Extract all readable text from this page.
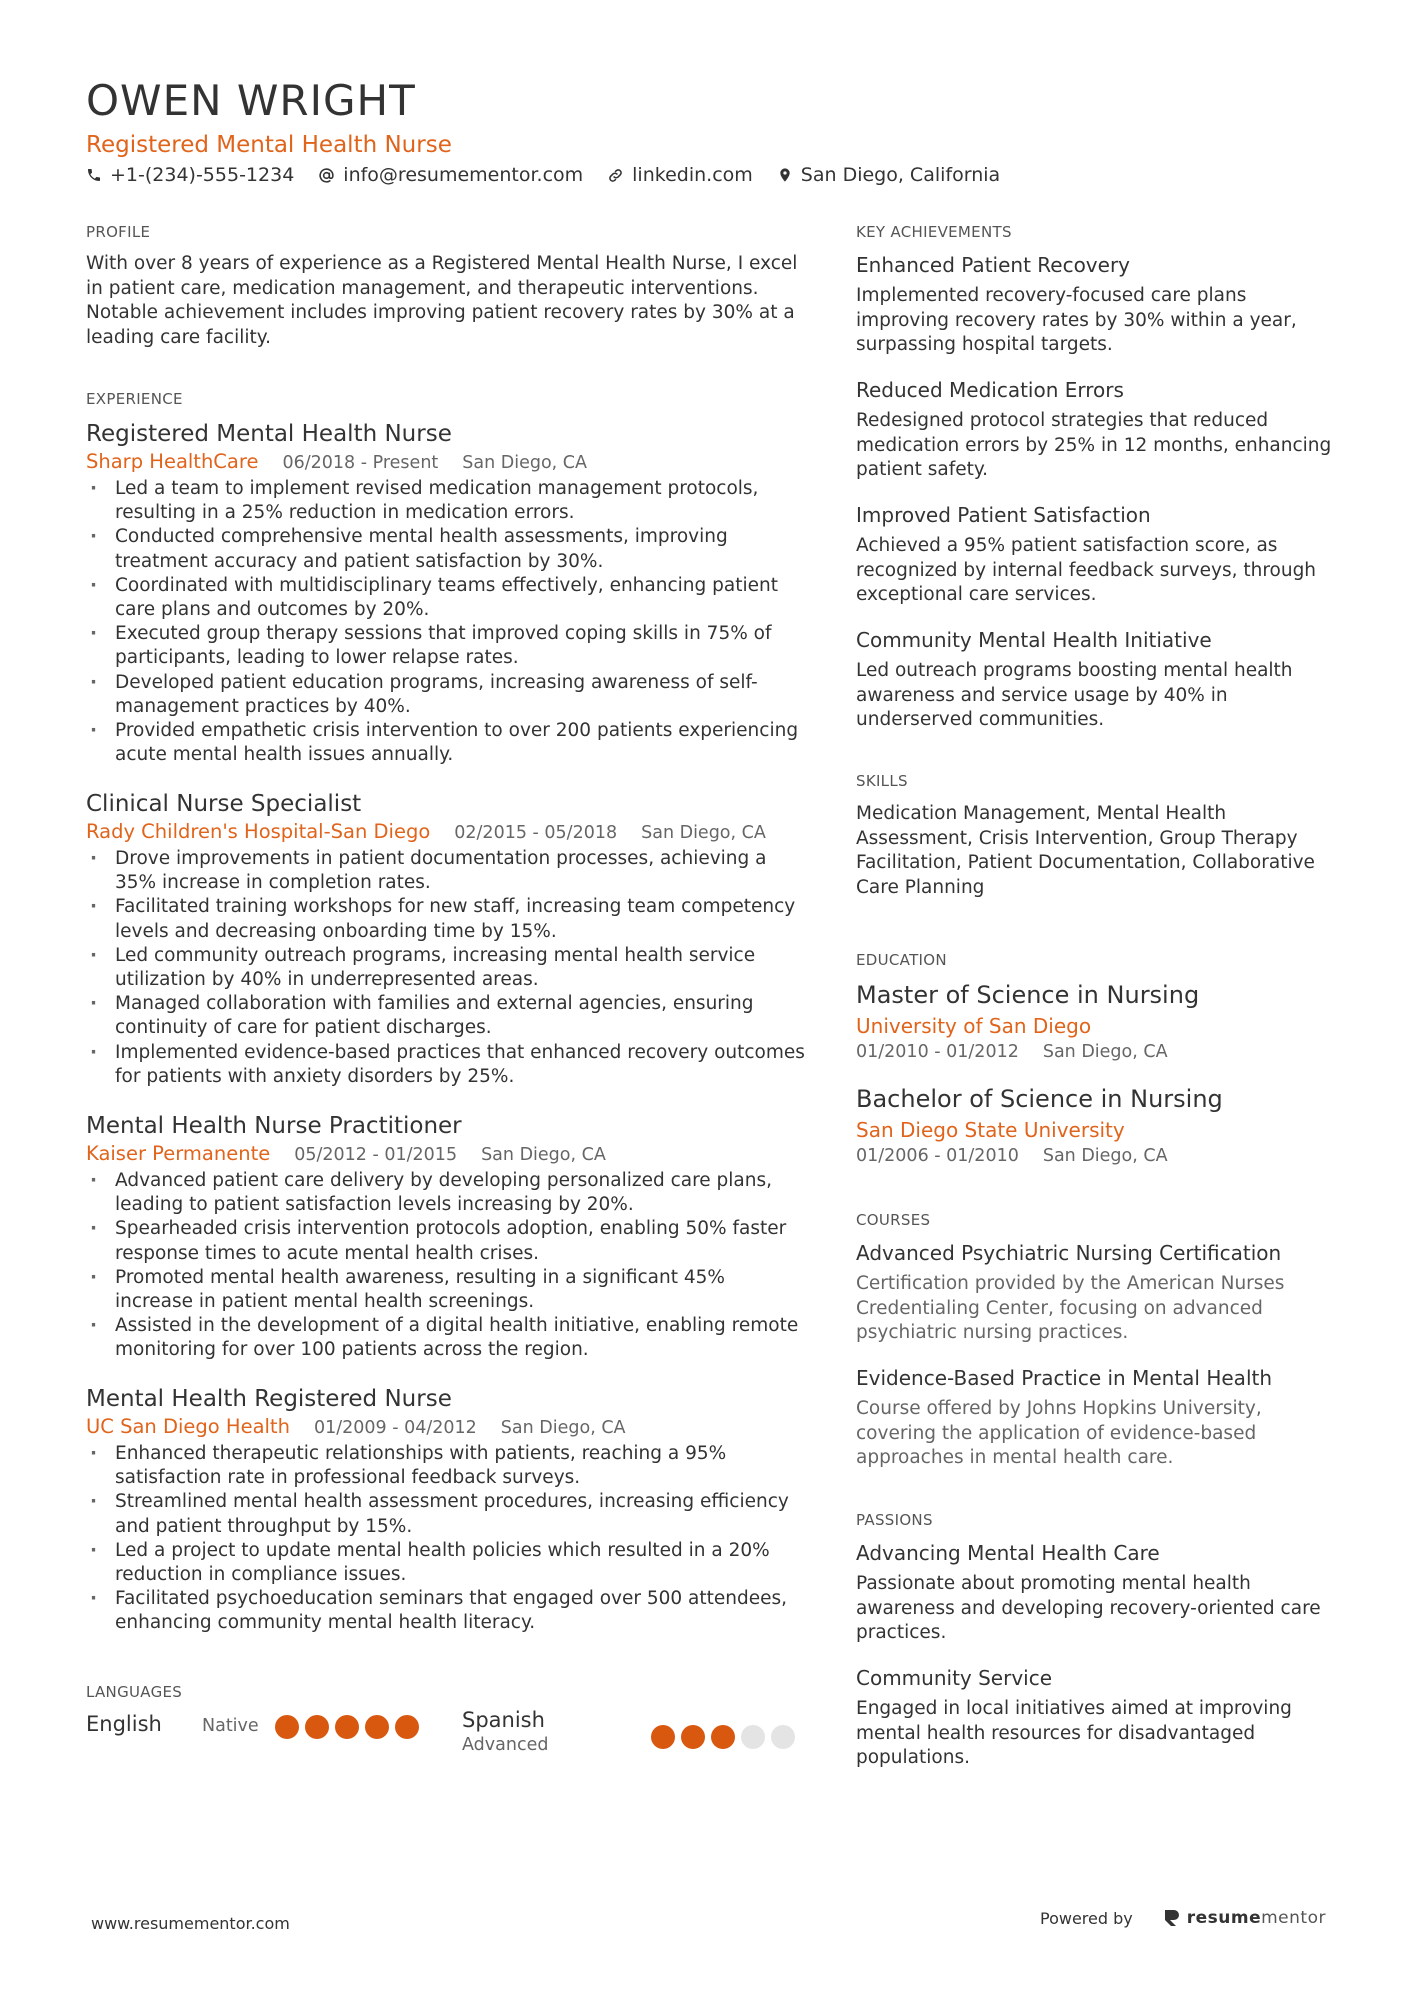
OWEN WRIGHT
Registered Mental Health Nurse
+1-(234)-555-1234	info@resumementor.com	linkedin.com	San Diego, California
PROFILE
With over 8 years of experience as a Registered Mental Health Nurse, I excel in patient care, medication management, and therapeutic interventions. Notable achievement includes improving patient recovery rates by 30% at a leading care facility.
EXPERIENCE
Registered Mental Health Nurse
Sharp HealthCare 06/2018 - Present San Diego, CA
· Led a team to implement revised medication management protocols, resulting in a 25% reduction in medication errors.
· Conducted comprehensive mental health assessments, improving treatment accuracy and patient satisfaction by 30%.
· Coordinated with multidisciplinary teams effectively, enhancing patient care plans and outcomes by 20%.
· Executed group therapy sessions that improved coping skills in 75% of participants, leading to lower relapse rates.
· Developed patient education programs, increasing awareness of self-management practices by 40%.
· Provided empathetic crisis intervention to over 200 patients experiencing acute mental health issues annually.
Clinical Nurse Specialist
Rady Children's Hospital-San Diego 02/2015 - 05/2018 San Diego, CA
· Drove improvements in patient documentation processes, achieving a 35% increase in completion rates.
· Facilitated training workshops for new staff, increasing team competency levels and decreasing onboarding time by 15%.
· Led community outreach programs, increasing mental health service utilization by 40% in underrepresented areas.
· Managed collaboration with families and external agencies, ensuring continuity of care for patient discharges.
· Implemented evidence-based practices that enhanced recovery outcomes for patients with anxiety disorders by 25%.
Mental Health Nurse Practitioner
Kaiser Permanente 05/2012 - 01/2015 San Diego, CA
· Advanced patient care delivery by developing personalized care plans, leading to patient satisfaction levels increasing by 20%.
· Spearheaded crisis intervention protocols adoption, enabling 50% faster response times to acute mental health crises.
· Promoted mental health awareness, resulting in a significant 45% increase in patient mental health screenings.
· Assisted in the development of a digital health initiative, enabling remote monitoring for over 100 patients across the region.
Mental Health Registered Nurse
UC San Diego Health 01/2009 - 04/2012 San Diego, CA
· Enhanced therapeutic relationships with patients, reaching a 95% satisfaction rate in professional feedback surveys.
· Streamlined mental health assessment procedures, increasing efficiency and patient throughput by 15%.
· Led a project to update mental health policies which resulted in a 20% reduction in compliance issues.
· Facilitated psychoeducation seminars that engaged over 500 attendees, enhancing community mental health literacy.
LANGUAGES
English Native	Spanish
Advanced
KEY ACHIEVEMENTS
Enhanced Patient Recovery
Implemented recovery-focused care plans improving recovery rates by 30% within a year, surpassing hospital targets.
Reduced Medication Errors
Redesigned protocol strategies that reduced medication errors by 25% in 12 months, enhancing patient safety.
Improved Patient Satisfaction
Achieved a 95% patient satisfaction score, as recognized by internal feedback surveys, through exceptional care services.
Community Mental Health Initiative
Led outreach programs boosting mental health awareness and service usage by 40% in underserved communities.
SKILLS
Medication Management, Mental Health Assessment, Crisis Intervention, Group Therapy Facilitation, Patient Documentation, Collaborative Care Planning
EDUCATION
Master of Science in Nursing
University of San Diego
01/2010 - 01/2012 San Diego, CA
Bachelor of Science in Nursing
San Diego State University
01/2006 - 01/2010 San Diego, CA
COURSES
Advanced Psychiatric Nursing Certification
Certification provided by the American Nurses Credentialing Center, focusing on advanced psychiatric nursing practices.
Evidence-Based Practice in Mental Health
Course offered by Johns Hopkins University, covering the application of evidence-based approaches in mental health care.
PASSIONS
Advancing Mental Health Care
Passionate about promoting mental health awareness and developing recovery-oriented care practices.
Community Service
Engaged in local initiatives aimed at improving mental health resources for disadvantaged populations.
www.resumementor.com	Powered by	resume mentor
